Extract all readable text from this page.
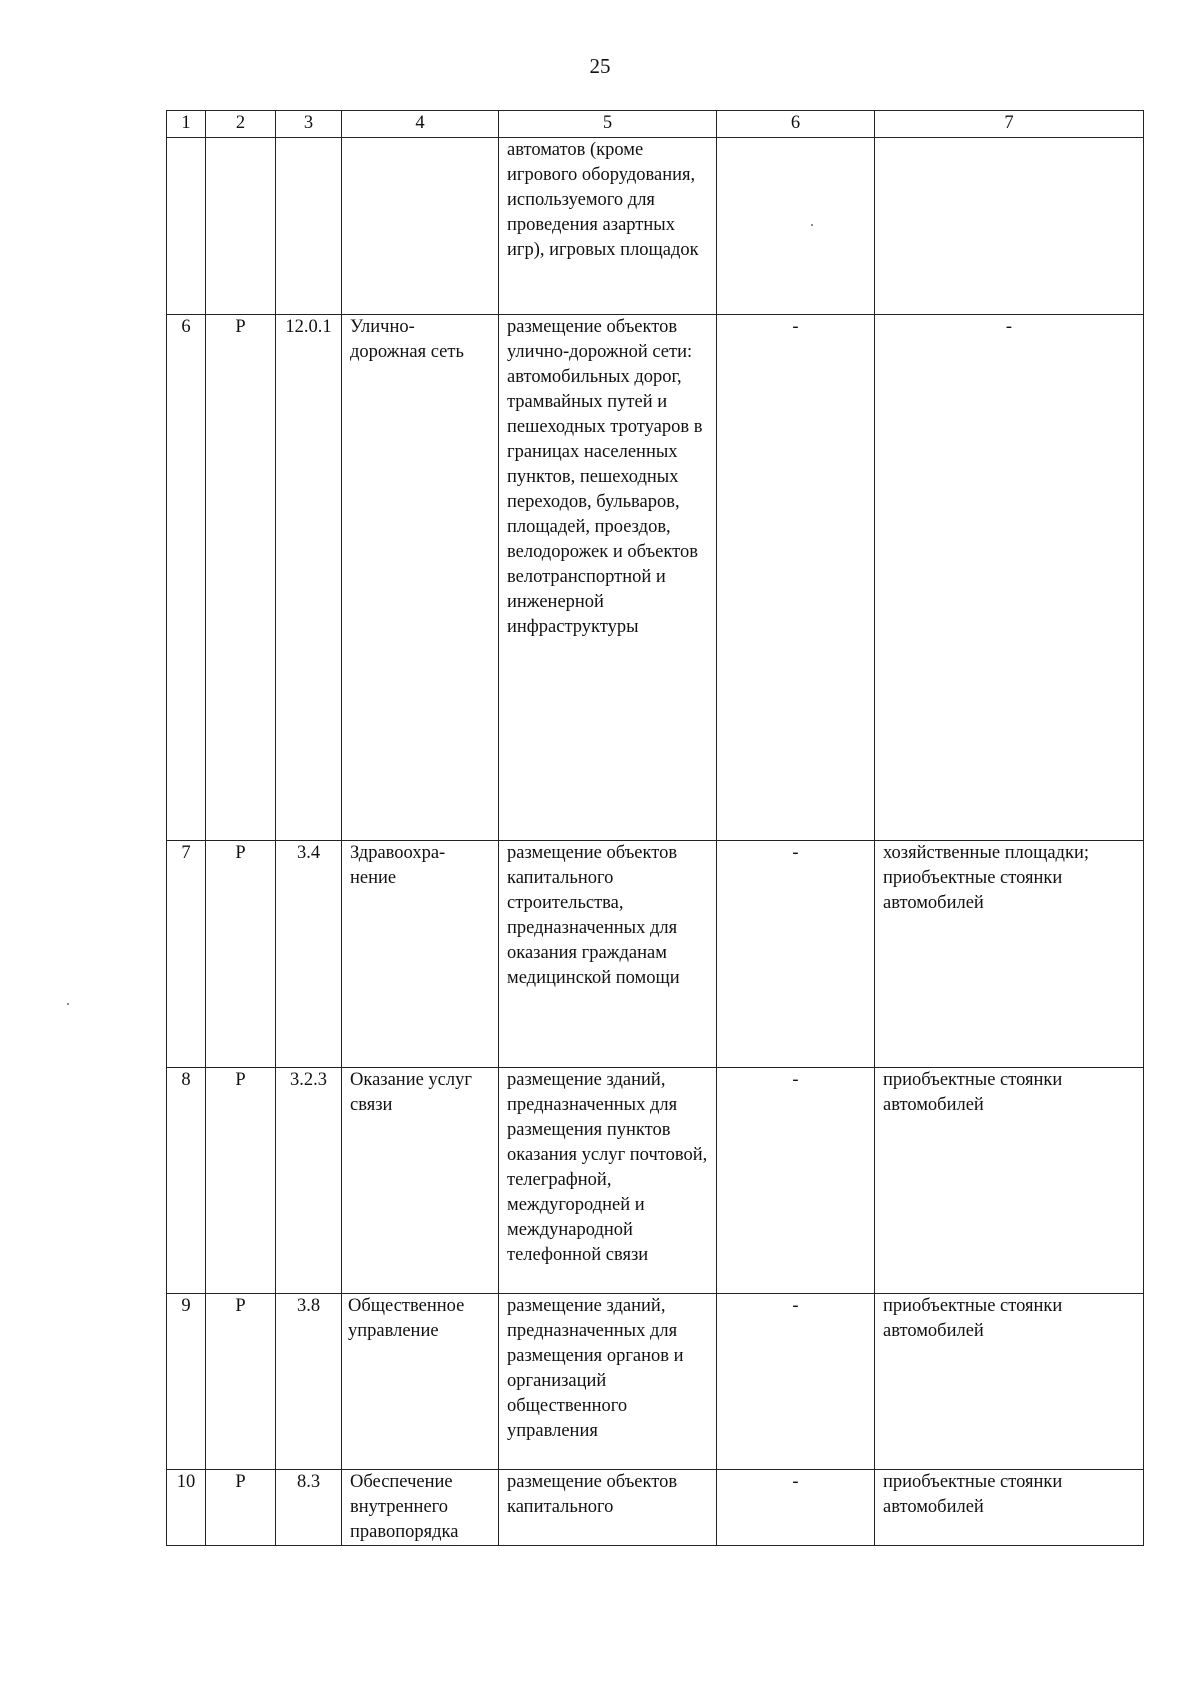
25
1	2	3	4	5	6	7
				автоматов (кроме игрового оборудования, используемого для проведения азартных игр), игровых площадок		
6	Р	12.0.1	Улично-дорожная сеть	размещение объектов улично-дорожной сети: автомобильных дорог, трамвайных путей и пешеходных тротуаров в границах населенных пунктов, пешеходных переходов, бульваров, площадей, проездов, велодорожек и объектов велотранспортной и инженерной инфраструктуры	-	-
7	Р	3.4	Здравоохра-нение	размещение объектов капитального строительства, предназначенных для оказания гражданам медицинской помощи	-	хозяйственные площадки; приобъектные стоянки автомобилей
8	Р	3.2.3	Оказание услуг связи	размещение зданий, предназначенных для размещения пунктов оказания услуг почтовой, телеграфной, междугородней и международной телефонной связи	-	приобъектные стоянки автомобилей
9	Р	3.8	Общественное управление	размещение зданий, предназначенных для размещения органов и организаций общественного управления	-	приобъектные стоянки автомобилей
10	Р	8.3	Обеспечение внутреннего правопорядка	размещение объектов капитального	-	приобъектные стоянки автомобилей
